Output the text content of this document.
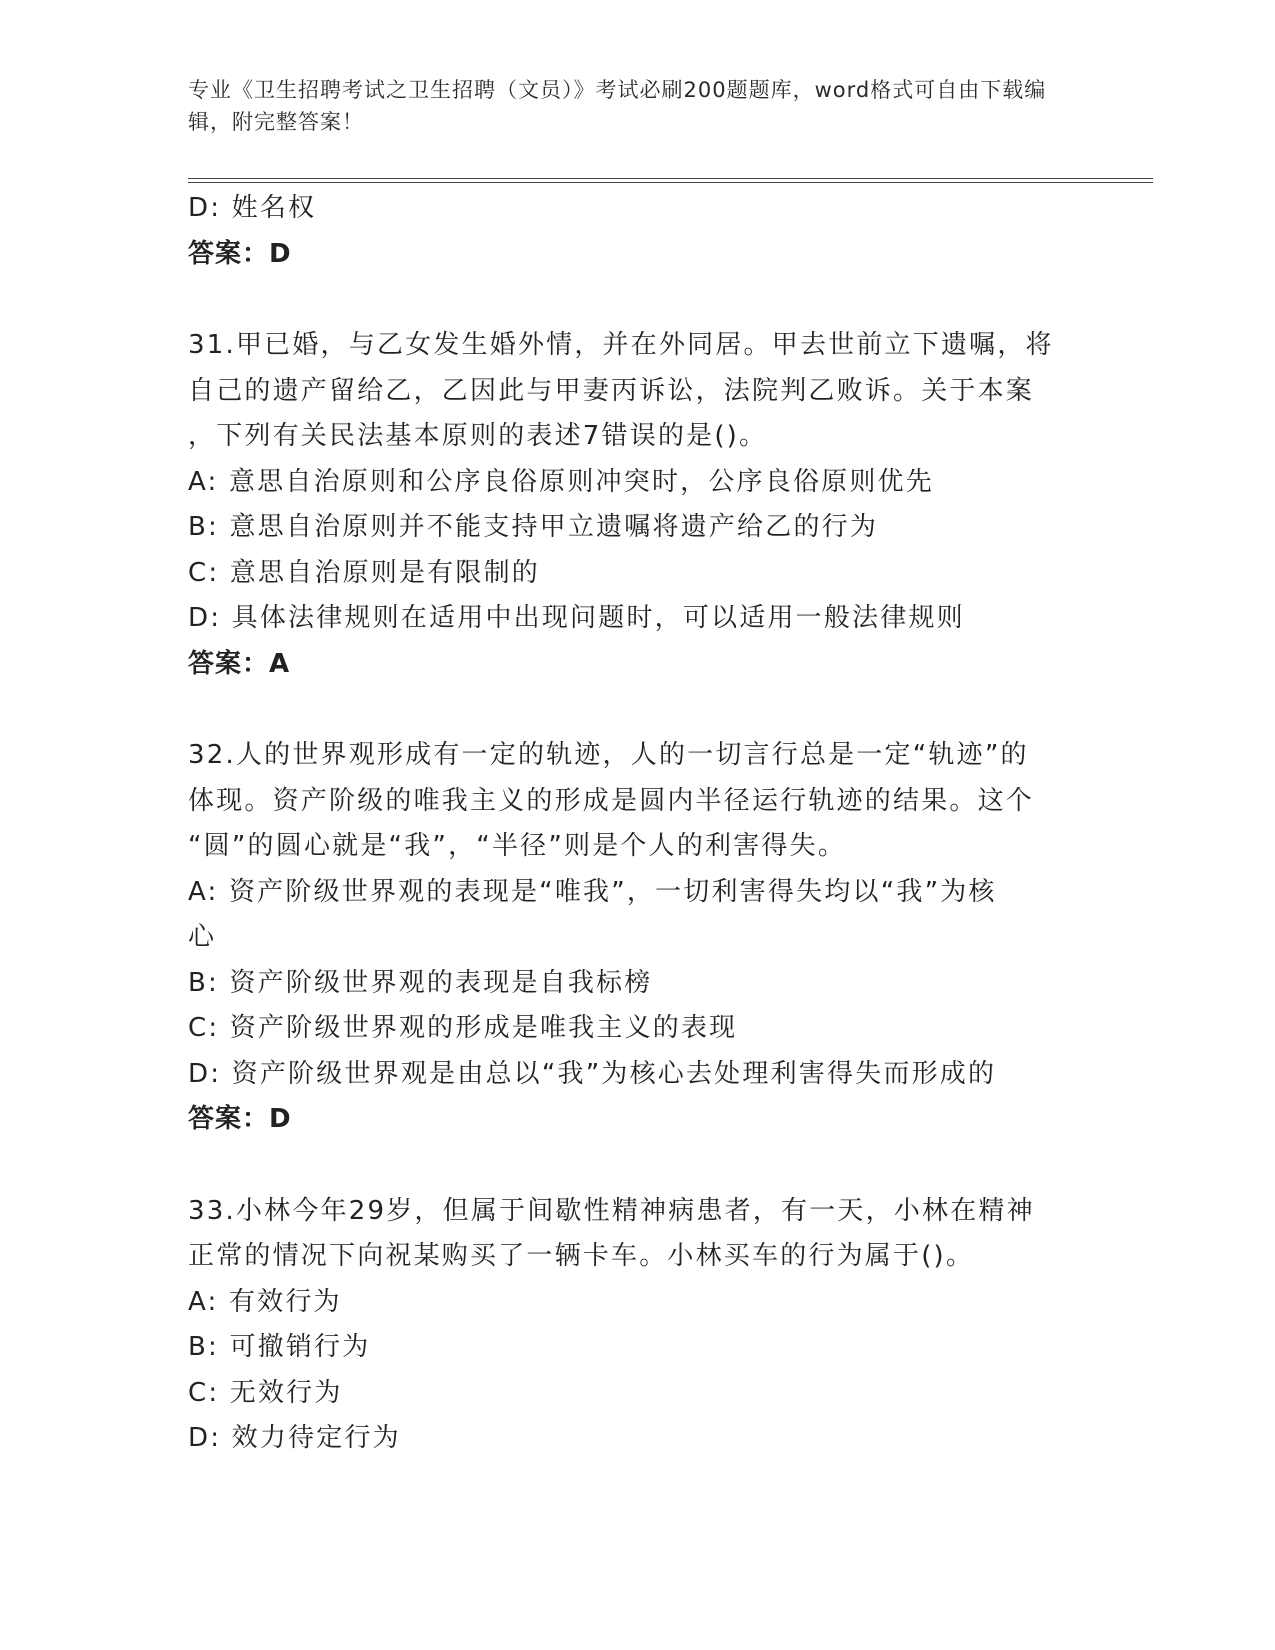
专业《卫生招聘考试之卫生招聘（文员）》考试必刷200题题库，word格式可自由下载编辑，附完整答案！
D: 姓名权
答案：D
31.甲已婚，与乙女发生婚外情，并在外同居。甲去世前立下遗嘱，将
自己的遗产留给乙，乙因此与甲妻丙诉讼，法院判乙败诉。关于本案
，下列有关民法基本原则的表述7错误的是()。
A: 意思自治原则和公序良俗原则冲突时，公序良俗原则优先
B: 意思自治原则并不能支持甲立遗嘱将遗产给乙的行为
C: 意思自治原则是有限制的
D: 具体法律规则在适用中出现问题时，可以适用一般法律规则
答案：A
32.人的世界观形成有一定的轨迹，人的一切言行总是一定“轨迹”的
体现。资产阶级的唯我主义的形成是圆内半径运行轨迹的结果。这个
“圆”的圆心就是“我”，“半径”则是个人的利害得失。
A: 资产阶级世界观的表现是“唯我”，一切利害得失均以“我”为核
心
B: 资产阶级世界观的表现是自我标榜
C: 资产阶级世界观的形成是唯我主义的表现
D: 资产阶级世界观是由总以“我”为核心去处理利害得失而形成的
答案：D
33.小林今年29岁，但属于间歇性精神病患者，有一天，小林在精神
正常的情况下向祝某购买了一辆卡车。小林买车的行为属于()。
A: 有效行为
B: 可撤销行为
C: 无效行为
D: 效力待定行为
